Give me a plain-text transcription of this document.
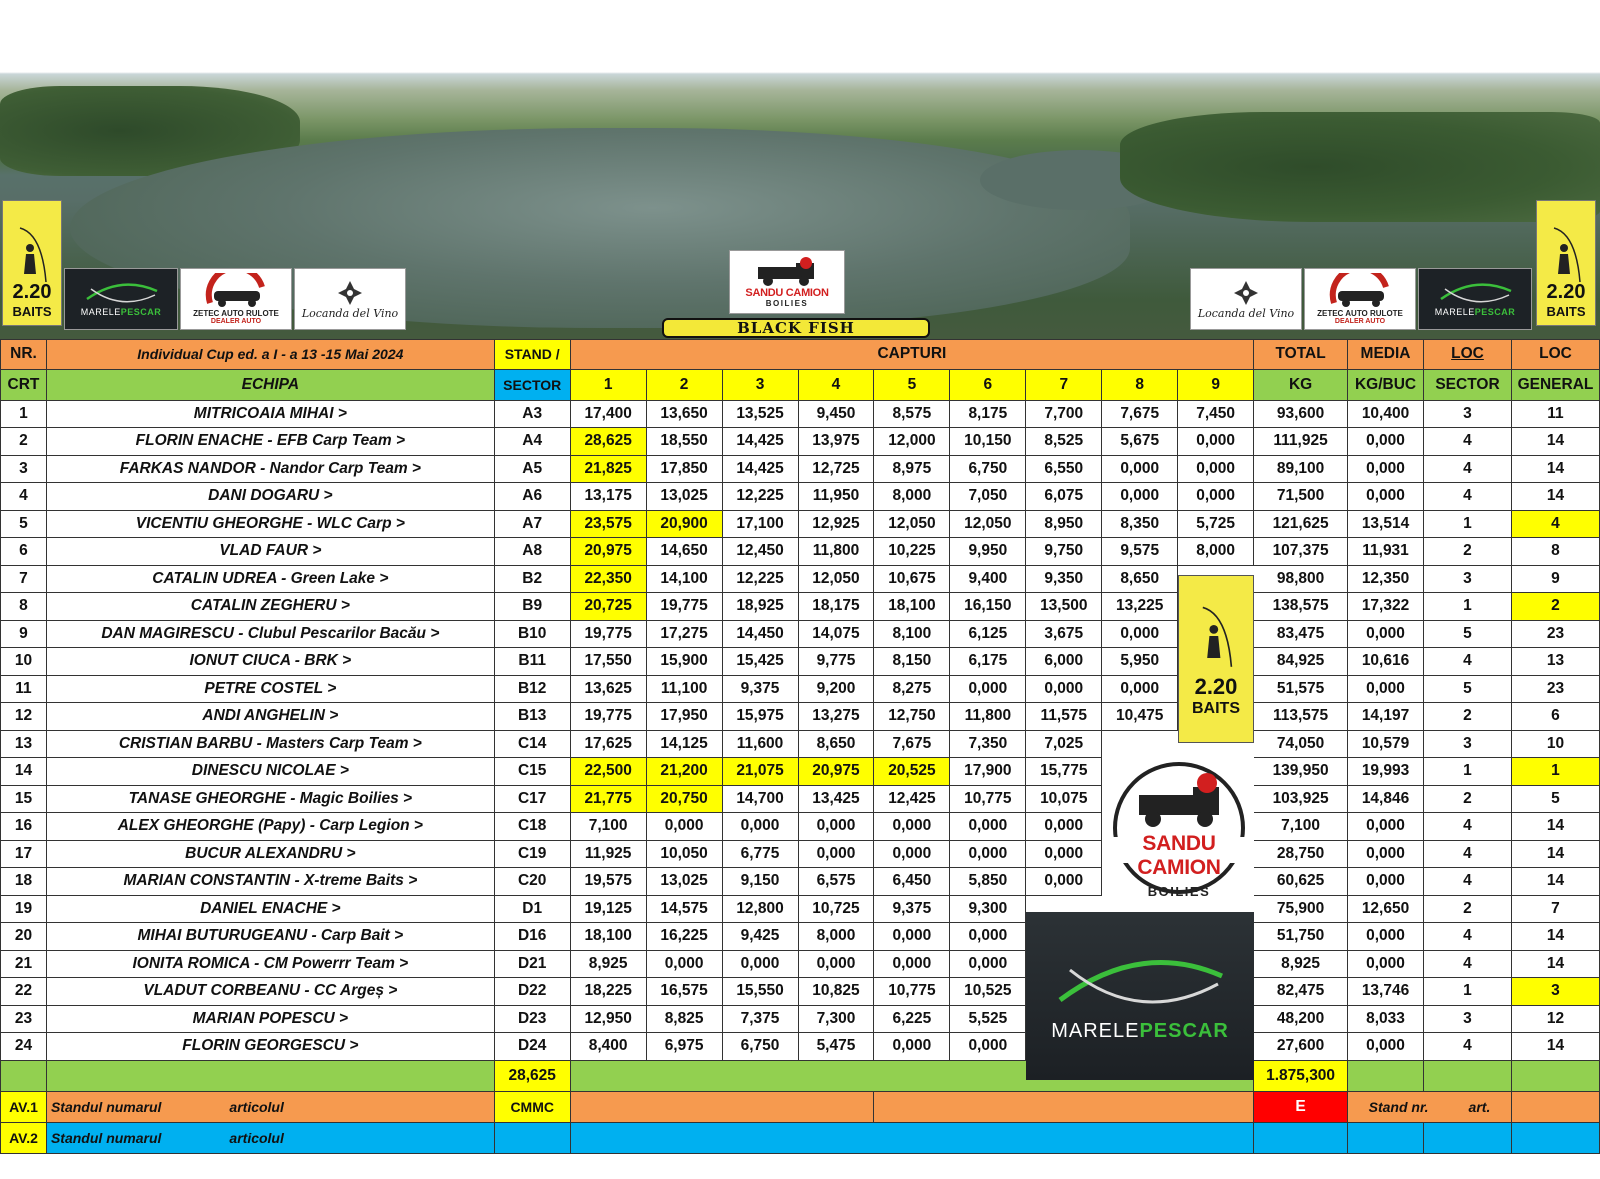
2.20
BAITS	MARELEPESCAR	ZETEC AUTO RULOTE
DEALER AUTO
Locanda del Vino
SANDU CAMION
BOILIES
BLACK FISH
Locanda del Vino	ZETEC AUTO RULOTE
DEALER AUTO
MARELEPESCAR
2.20
BAITS
NR.	Individual Cup ed. a I - a 13 -15 Mai 2024	STAND /	CAPTURI									TOTAL	MEDIA	LOC	LOC
CRT	ECHIPA	SECTOR	1	2	3	4	5	6	7	8	9	KG	KG/BUC	SECTOR	GENERAL
1	MITRICOAIA MIHAI >	A3	17,400	13,650	13,525	9,450	8,575	8,175	7,700	7,675	7,450	93,600	10,400	3	11
2	FLORIN ENACHE - EFB Carp Team >	A4	28,625	18,550	14,425	13,975	12,000	10,150	8,525	5,675	0,000	111,925	0,000	4	14
3	FARKAS NANDOR - Nandor Carp Team >	A5	21,825	17,850	14,425	12,725	8,975	6,750	6,550	0,000	0,000	89,100	0,000	4	14
4	DANI DOGARU >	A6	13,175	13,025	12,225	11,950	8,000	7,050	6,075	0,000	0,000	71,500	0,000	4	14
5	VICENTIU GHEORGHE - WLC Carp >	A7	23,575	20,900	17,100	12,925	12,050	12,050	8,950	8,350	5,725	121,625	13,514	1	4
6	VLAD FAUR >	A8	20,975	14,650	12,450	11,800	10,225	9,950	9,750	9,575	8,000	107,375	11,931	2	8
7	CATALIN UDREA - Green Lake >	B2	22,350	14,100	12,225	12,050	10,675	9,400	9,350	8,650		98,800	12,350	3	9
8	CATALIN ZEGHERU >	B9	20,725	19,775	18,925	18,175	18,100	16,150	13,500	13,225		138,575	17,322	1	2
9	DAN MAGIRESCU - Clubul Pescarilor Bacău >	B10	19,775	17,275	14,450	14,075	8,100	6,125	3,675	0,000		83,475	0,000	5	23
10	IONUT CIUCA - BRK >	B11	17,550	15,900	15,425	9,775	8,150	6,175	6,000	5,950		84,925	10,616	4	13
11	PETRE COSTEL >	B12	13,625	11,100	9,375	9,200	8,275	0,000	0,000	0,000		51,575	0,000	5	23
12	ANDI ANGHELIN >	B13	19,775	17,950	15,975	13,275	12,750	11,800	11,575	10,475		113,575	14,197	2	6
13	CRISTIAN BARBU - Masters Carp Team >	C14	17,625	14,125	11,600	8,650	7,675	7,350	7,025			74,050	10,579	3	10
14	DINESCU NICOLAE >	C15	22,500	21,200	21,075	20,975	20,525	17,900	15,775			139,950	19,993	1	1
15	TANASE GHEORGHE - Magic Boilies >	C17	21,775	20,750	14,700	13,425	12,425	10,775	10,075			103,925	14,846	2	5
16	ALEX GHEORGHE (Papy) - Carp Legion >	C18	7,100	0,000	0,000	0,000	0,000	0,000	0,000			7,100	0,000	4	14
17	BUCUR ALEXANDRU >	C19	11,925	10,050	6,775	0,000	0,000	0,000	0,000			28,750	0,000	4	14
18	MARIAN CONSTANTIN - X-treme Baits >	C20	19,575	13,025	9,150	6,575	6,450	5,850	0,000			60,625	0,000	4	14
19	DANIEL ENACHE >	D1	19,125	14,575	12,800	10,725	9,375	9,300				75,900	12,650	2	7
20	MIHAI BUTURUGEANU - Carp Bait >	D16	18,100	16,225	9,425	8,000	0,000	0,000				51,750	0,000	4	14
21	IONITA ROMICA - CM Powerrr Team >	D21	8,925	0,000	0,000	0,000	0,000	0,000				8,925	0,000	4	14
22	VLADUT CORBEANU - CC Argeș >	D22	18,225	16,575	15,550	10,825	10,775	10,525				82,475	13,746	1	3
23	MARIAN POPESCU >	D23	12,950	8,825	7,375	7,300	6,225	5,525				48,200	8,033	3	12
24	FLORIN GEORGESCU >	D24	8,400	6,975	6,750	5,475	0,000	0,000				27,600	0,000	4	14
		28,625										1.875,300			
AV.1	Standul numarul articolul	CMMC										E	Stand nr. art.		
AV.2	Standul numarul articolul														
2.20
BAITS
SANDU CAMION
BOILIES
MARELEPESCAR
